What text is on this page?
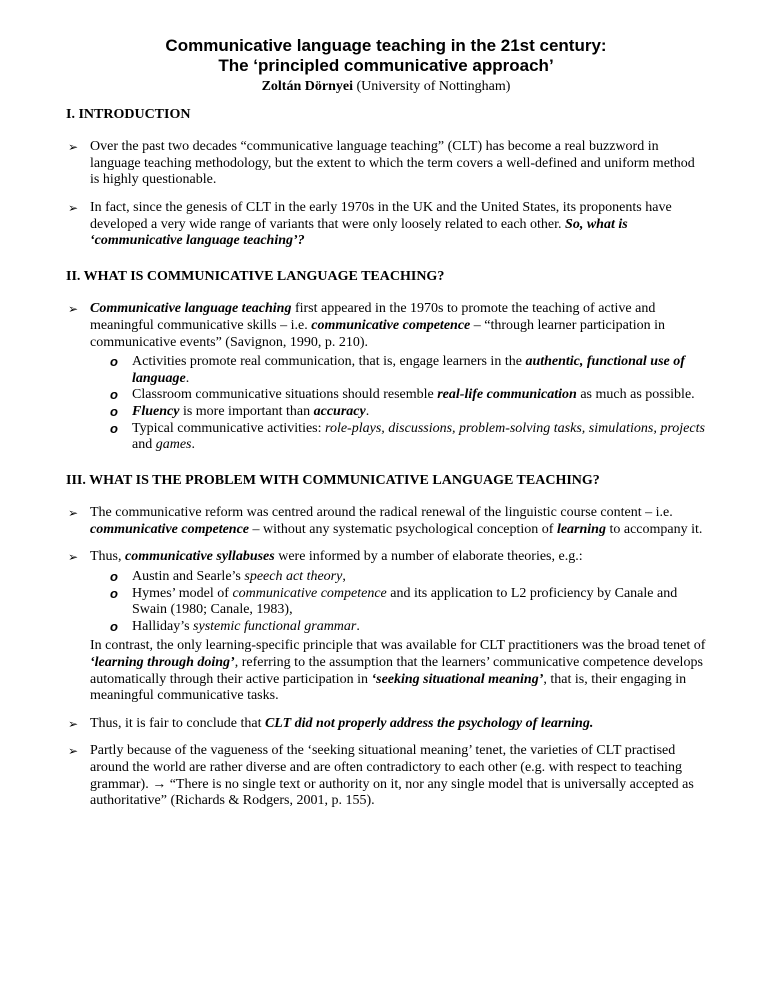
Communicative language teaching in the 21st century:

The ‘principled communicative approach’

Zoltán Dörnyei (University of Nottingham)

I. INTRODUCTION

➢ Over the past two decades “communicative language teaching” (CLT) has become a real buzzword in language teaching methodology, but the extent to which the term covers a well-defined and uniform method is highly questionable.

➢ In fact, since the genesis of CLT in the early 1970s in the UK and the United States, its proponents have developed a very wide range of variants that were only loosely related to each other. So, what is ‘communicative language teaching’?

II. WHAT IS COMMUNICATIVE LANGUAGE TEACHING?

➢ Communicative language teaching first appeared in the 1970s to promote the teaching of active and meaningful communicative skills – i.e. communicative competence – “through learner participation in communicative events” (Savignon, 1990, p. 210).

o Activities promote real communication, that is, engage learners in the authentic, functional use of language.

o Classroom communicative situations should resemble real-life communication as much as possible.

o Fluency is more important than accuracy.

o Typical communicative activities: role-plays, discussions, problem-solving tasks, simulations, projects and games.

III. WHAT IS THE PROBLEM WITH COMMUNICATIVE LANGUAGE TEACHING?

➢ The communicative reform was centred around the radical renewal of the linguistic course content – i.e. communicative competence – without any systematic psychological conception of learning to accompany it.

➢ Thus, communicative syllabuses were informed by a number of elaborate theories, e.g.:

o Austin and Searle’s speech act theory,

o Hymes’ model of communicative competence and its application to L2 proficiency by Canale and Swain (1980; Canale, 1983),

o Halliday’s systemic functional grammar.

In contrast, the only learning-specific principle that was available for CLT practitioners was the broad tenet of ‘learning through doing’, referring to the assumption that the learners’ communicative competence develops automatically through their active participation in ‘seeking situational meaning’, that is, their engaging in meaningful communicative tasks.

➢ Thus, it is fair to conclude that CLT did not properly address the psychology of learning.

➢ Partly because of the vagueness of the ‘seeking situational meaning’ tenet, the varieties of CLT practised around the world are rather diverse and are often contradictory to each other (e.g. with respect to teaching grammar). → “There is no single text or authority on it, nor any single model that is universally accepted as authoritative” (Richards & Rodgers, 2001, p. 155).
